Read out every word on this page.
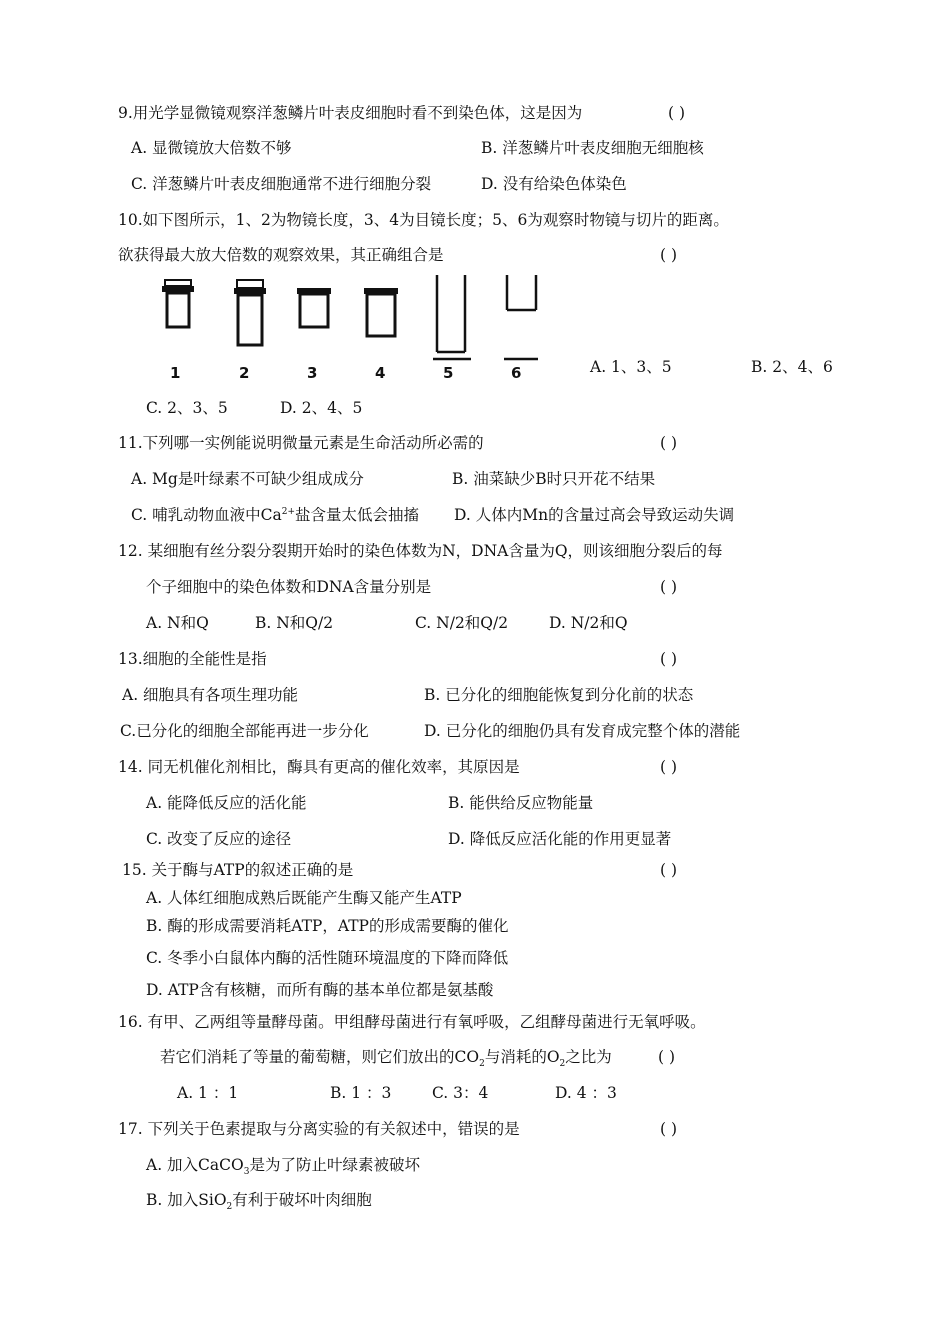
9.用光学显微镜观察洋葱鳞片叶表皮细胞时看不到染色体，这是因为	( )
A. 显微镜放大倍数不够	B. 洋葱鳞片叶表皮细胞无细胞核
C. 洋葱鳞片叶表皮细胞通常不进行细胞分裂	D. 没有给染色体染色
10.如下图所示，1、2为物镜长度，3、4为目镜长度；5、6为观察时物镜与切片的距离。
欲获得最大放大倍数的观察效果，其正确组合是	( )
1	2	3	4	5	6	A. 1、3、5	B. 2、4、6
C. 2、3、5	D. 2、4、5
11.下列哪一实例能说明微量元素是生命活动所必需的	( )
A. Mg是叶绿素不可缺少组成成分	B. 油菜缺少B时只开花不结果
C. 哺乳动物血液中$Ca^{2+}$盐含量太低会抽搐 D. 人体内Mn的含量过高会导致运动失调
12. 某细胞有丝分裂分裂期开始时的染色体数为N，DNA含量为Q，则该细胞分裂后的每
个子细胞中的染色体数和DNA含量分别是	( )
A. N和Q	B. N和Q/2	C. N/2和Q/2	D. N/2和Q
13.细胞的全能性是指	( )
A. 细胞具有各项生理功能	B. 已分化的细胞能恢复到分化前的状态
C.已分化的细胞全部能再进一步分化	D. 已分化的细胞仍具有发育成完整个体的潜能
14. 同无机催化剂相比，酶具有更高的催化效率，其原因是	( )
A. 能降低反应的活化能	B. 能供给反应物能量
C. 改变了反应的途径	D. 降低反应活化能的作用更显著
15. 关于酶与ATP的叙述正确的是	( )
A. 人体红细胞成熟后既能产生酶又能产生ATP
B. 酶的形成需要消耗ATP，ATP的形成需要酶的催化
C. 冬季小白鼠体内酶的活性随环境温度的下降而降低
D. ATP含有核糖，而所有酶的基本单位都是氨基酸
16. 有甲、乙两组等量酵母菌。甲组酵母菌进行有氧呼吸，乙组酵母菌进行无氧呼吸。
若它们消耗了等量的葡萄糖，则它们放出的$CO_2$与消耗的$O_2$之比为	( )
A. 1 ：1	B. 1 ：3	C. 3：4	D. 4 ：3
17. 下列关于色素提取与分离实验的有关叙述中，错误的是	( )
A. 加入CaCO$_3$是为了防止叶绿素被破坏
B. 加入SiO$_2$有利于破坏叶肉细胞
